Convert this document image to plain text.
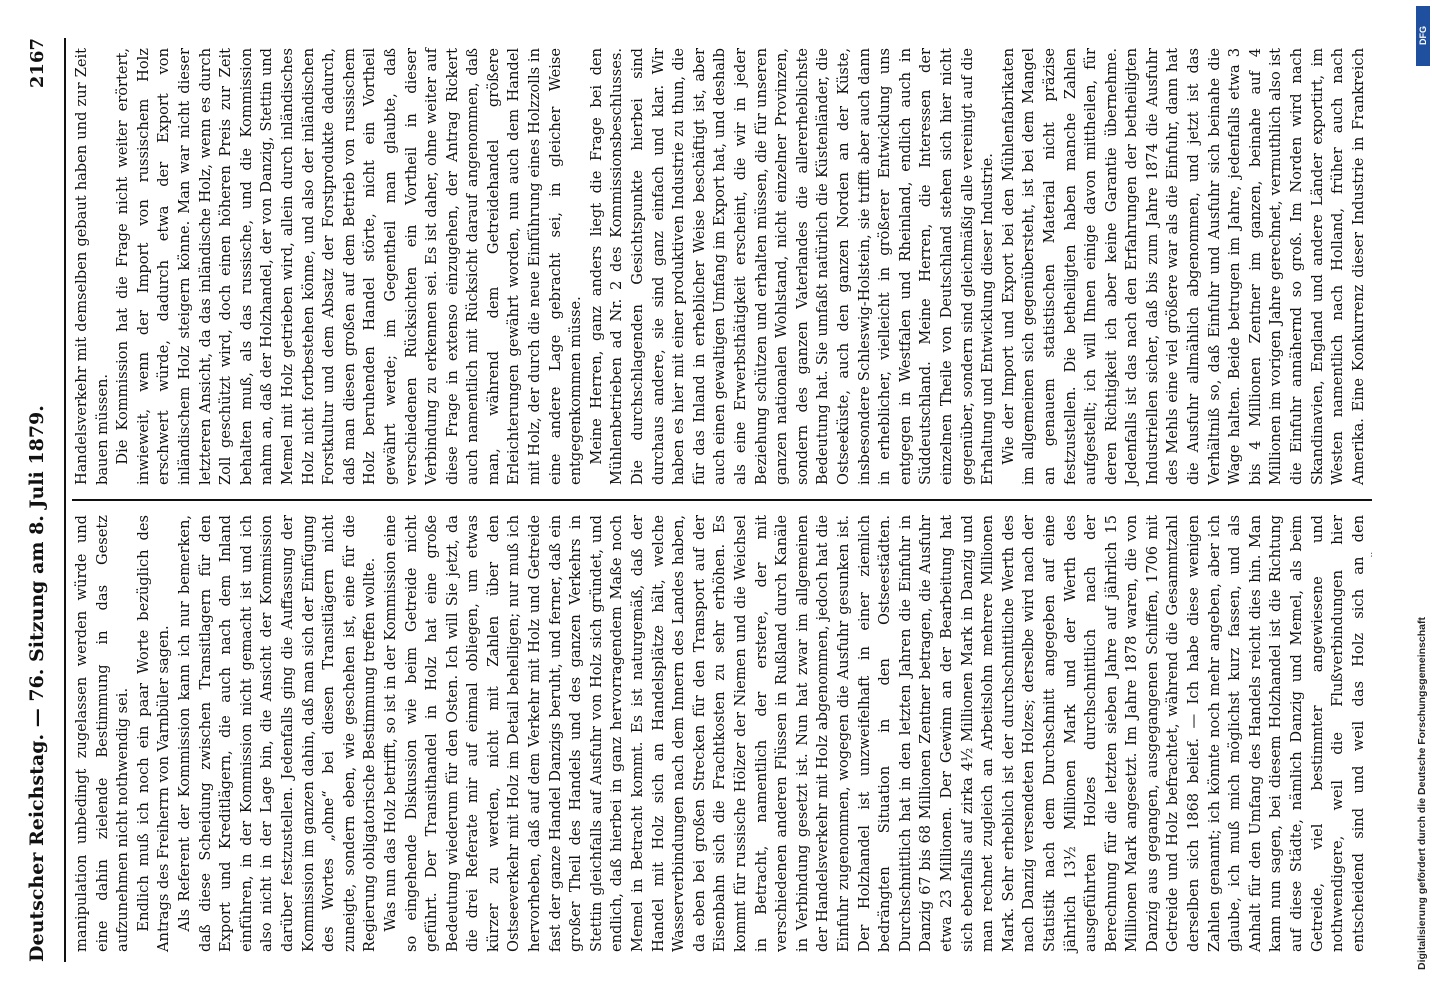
Deutscher Reichstag. — 76. Sitzung am 8. Juli 1879.
2167

manipulation unbedingt zugelassen werden würde und eine dahin zielende Bestimmung in das Gesetz aufzunehmen nicht nothwendig sei. Endlich muß ich noch ein paar Worte bezüglich des Antrags des Freiherrn von Varnbüler sagen. Als Referent der Kommission kann ich nur bemerken, daß diese Scheidung zwischen Transitlagern für den Export und Kreditlägern, die auch nach dem Inland einführen, in der Kommission nicht gemacht ist und ich also nicht in der Lage bin, die Ansicht der Kommission darüber festzustellen. Jedenfalls ging die Auffassung der Kommission im ganzen dahin, daß man sich der Einfügung des Wortes „ohne“ bei diesen Transitlägern nicht zuneigte, sondern eben, wie geschehen ist, eine für die Regierung obligatorische Bestimmung treffen wollte. Was nun das Holz betrifft, so ist in der Kommission eine so eingehende Diskussion wie beim Getreide nicht geführt. Der Transithandel in Holz hat eine große Bedeutung wiederum für den Osten. Ich will Sie jetzt, da die drei Referate mir auf einmal obliegen, um etwas kürzer zu werden, nicht mit Zahlen über den Ostseeverkehr mit Holz im Detail behelligen; nur muß ich hervorheben, daß auf dem Verkehr mit Holz und Getreide fast der ganze Handel Danzigs beruht, und ferner, daß ein großer Theil des Handels und des ganzen Verkehrs in Stettin gleichfalls auf Ausfuhr von Holz sich gründet, und endlich, daß hierbei in ganz hervorragendem Maße noch Memel in Betracht kommt. Es ist naturgemäß, daß der Handel mit Holz sich an Handelsplätze hält, welche Wasserverbindungen nach dem Innern des Landes haben, da eben bei großen Strecken für den Transport auf der Eisenbahn sich die Frachtkosten zu sehr erhöhen. Es kommt für russische Hölzer der Niemen und die Weichsel in Betracht, namentlich der erstere, der mit verschiedenen anderen Flüssen in Rußland durch Kanäle in Verbindung gesetzt ist. Nun hat zwar im allgemeinen der Handelsverkehr mit Holz abgenommen, jedoch hat die Einfuhr zugenommen, wogegen die Ausfuhr gesunken ist. Der Holzhandel ist unzweifelhaft in einer ziemlich bedrängten Situation in den Ostseestädten. Durchschnittlich hat in den letzten Jahren die Einfuhr in Danzig 67 bis 68 Millionen Zentner betragen, die Ausfuhr etwa 23 Millionen. Der Gewinn an der Bearbeitung hat sich ebenfalls auf zirka 4½ Millionen Mark in Danzig und man rechnet zugleich an Arbeitslohn mehrere Millionen Mark. Sehr erheblich ist der durchschnittliche Werth des nach Danzig versendeten Holzes; derselbe wird nach der Statistik nach dem Durchschnitt angegeben auf eine jährlich 13½ Millionen Mark und der Werth des ausgeführten Holzes durchschnittlich nach der Berechnung für die letzten sieben Jahre auf jährlich 15 Millionen Mark angesetzt. Im Jahre 1878 waren, die von Danzig aus gegangen, ausgegangenen Schiffen, 1706 mit Getreide und Holz befrachtet, während die Gesammtzahl derselben sich 1868 belief. — Ich habe diese wenigen Zahlen genannt; ich könnte noch mehr angeben, aber ich glaube, ich muß mich möglichst kurz fassen, und als Anhalt für den Umfang des Handels reicht dies hin. Man kann nun sagen, bei diesem Holzhandel ist die Richtung auf diese Städte, nämlich Danzig und Memel, als beim Getreide, viel bestimmter angewiesene und nothwendigere, weil die Flußverbindungen hier entscheidend sind und weil das Holz sich an den

Handelsverkehr mit demselben gebaut haben und zur Zeit bauen müssen. Die Kommission hat die Frage nicht weiter erörtert, inwieweit, wenn der Import von russischem Holz erschwert würde, dadurch etwa der Export von inländischem Holz steigern könne. Man war nicht dieser letzteren Ansicht, da das inländische Holz, wenn es durch Zoll geschützt wird, doch einen höheren Preis zur Zeit behalten muß, als das russische, und die Kommission nahm an, daß der Holzhandel, der von Danzig, Stettin und Memel mit Holz getrieben wird, allein durch inländisches Holz nicht fortbestehen könne, und also der inländischen Forstkultur und dem Absatz der Forstprodukte dadurch, daß man diesen großen auf dem Betrieb von russischem Holz beruhenden Handel störte, nicht ein Vortheil gewährt werde; im Gegentheil man glaubte, daß verschiedenen Rücksichten ein Vortheil in dieser Verbindung zu erkennen sei. Es ist daher, ohne weiter auf diese Frage in extenso einzugehen, der Antrag Rickert auch namentlich mit Rücksicht darauf angenommen, daß man, während dem Getreidehandel größere Erleichterungen gewährt worden, nun auch dem Handel mit Holz, der durch die neue Einführung eines Holzzolls in eine andere Lage gebracht sei, in gleicher Weise entgegenkommen müsse. Meine Herren, ganz anders liegt die Frage bei den Mühlenbetrieben ad Nr. 2 des Kommissionsbeschlusses. Die durchschlagenden Gesichtspunkte hierbei sind durchaus andere, sie sind ganz einfach und klar. Wir haben es hier mit einer produktiven Industrie zu thun, die für das Inland in erheblicher Weise beschäftigt ist, aber auch einen gewaltigen Umfang im Export hat, und deshalb als eine Erwerbsthätigkeit erscheint, die wir in jeder Beziehung schützen und erhalten müssen, die für unseren ganzen nationalen Wohlstand, nicht einzelner Provinzen, sondern des ganzen Vaterlandes die allererheblichste Bedeutung hat. Sie umfaßt natürlich die Küstenländer, die Ostseeküste, auch den ganzen Norden an der Küste, insbesondere Schleswig-Holstein, sie trifft aber auch dann in erheblicher, vielleicht in größerer Entwicklung uns entgegen in Westfalen und Rheinland, endlich auch in Süddeutschland. Meine Herren, die Interessen der einzelnen Theile von Deutschland stehen sich hier nicht gegenüber, sondern sind gleichmäßig alle vereinigt auf die Erhaltung und Entwicklung dieser Industrie. Wie der Import und Export bei den Mühlenfabrikaten im allgemeinen sich gegenübersteht, ist bei dem Mangel an genauem statistischen Material nicht präzise festzustellen. Die betheiligten haben manche Zahlen aufgestellt; ich will Ihnen einige davon mittheilen, für deren Richtigkeit ich aber keine Garantie übernehme. Jedenfalls ist das nach den Erfahrungen der betheiligten Industriellen sicher, daß bis zum Jahre 1874 die Ausfuhr des Mehls eine viel größere war als die Einfuhr, dann hat die Ausfuhr allmählich abgenommen, und jetzt ist das Verhältniß so, daß Einfuhr und Ausfuhr sich beinahe die Wage halten. Beide betrugen im Jahre, jedenfalls etwa 3 bis 4 Millionen Zentner im ganzen, beinahe auf 4 Millionen im vorigen Jahre gerechnet, vermuthlich also ist die Einfuhr annähernd so groß. Im Norden wird nach Skandinavien, England und andere Länder exportirt, im Westen namentlich nach Holland, früher auch nach Amerika. Eine Konkurrenz dieser Industrie in Frankreich

DFG
Digitalisierung gefördert durch die Deutsche Forschungsgemeinschaft
